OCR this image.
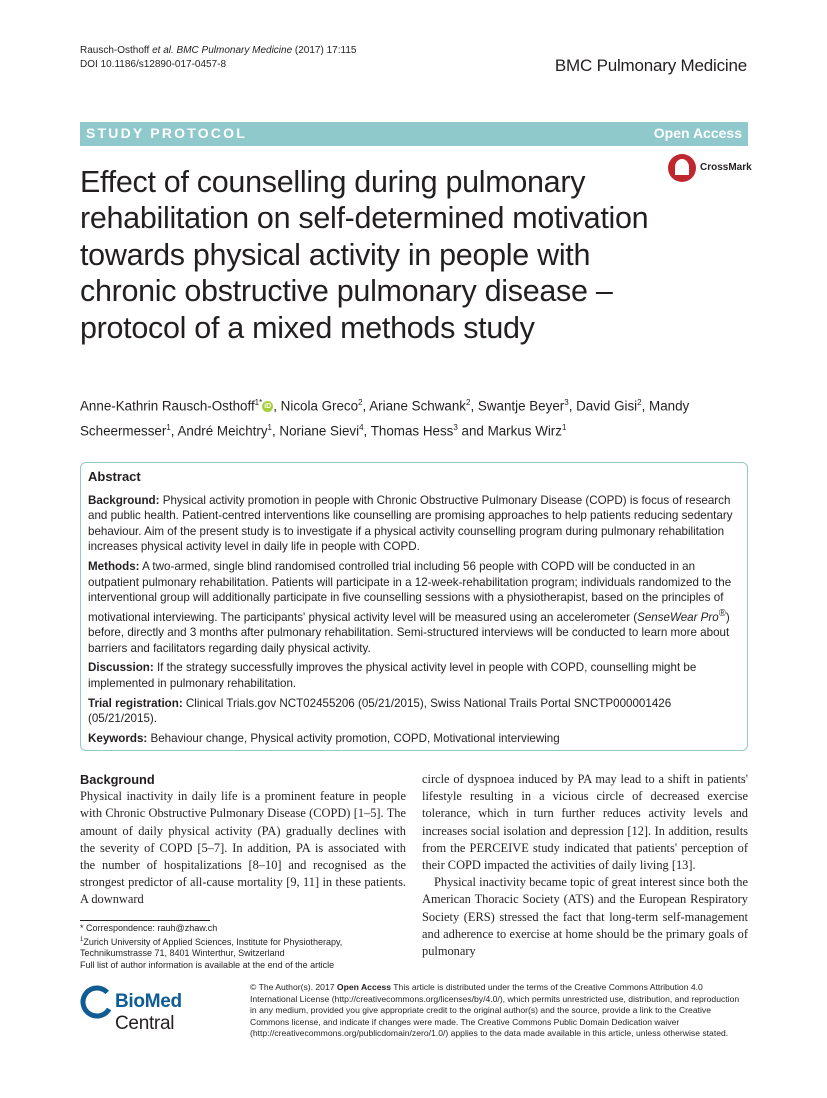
Rausch-Osthoff et al. BMC Pulmonary Medicine (2017) 17:115
DOI 10.1186/s12890-017-0457-8	BMC Pulmonary Medicine
STUDY PROTOCOL	Open Access
CrossMark
Effect of counselling during pulmonary rehabilitation on self-determined motivation towards physical activity in people with chronic obstructive pulmonary disease – protocol of a mixed methods study
Anne-Kathrin Rausch-Osthoff$^{1*}$ iD , Nicola Greco$^2$, Ariane Schwank$^2$, Swantje Beyer$^3$, David Gisi$^2$, Mandy Scheermesser$^1$, André Meichtry$^1$, Noriane Sievi$^4$, Thomas Hess$^3$ and Markus Wirz$^1$
Abstract

Background: Physical activity promotion in people with Chronic Obstructive Pulmonary Disease (COPD) is focus of research and public health. Patient-centred interventions like counselling are promising approaches to help patients reducing sedentary behaviour. Aim of the present study is to investigate if a physical activity counselling program during pulmonary rehabilitation increases physical activity level in daily life in people with COPD.

Methods: A two-armed, single blind randomised controlled trial including 56 people with COPD will be conducted in an outpatient pulmonary rehabilitation. Patients will participate in a 12-week-rehabilitation program; individuals randomized to the interventional group will additionally participate in five counselling sessions with a physiotherapist, based on the principles of motivational interviewing. The participants' physical activity level will be measured using an accelerometer (SenseWear Pro®) before, directly and 3 months after pulmonary rehabilitation. Semi-structured interviews will be conducted to learn more about barriers and facilitators regarding daily physical activity.

Discussion: If the strategy successfully improves the physical activity level in people with COPD, counselling might be implemented in pulmonary rehabilitation.

Trial registration: Clinical Trials.gov NCT02455206 (05/21/2015), Swiss National Trails Portal SNCTP000001426 (05/21/2015).

Keywords: Behaviour change, Physical activity promotion, COPD, Motivational interviewing

Background

Physical inactivity in daily life is a prominent feature in people with Chronic Obstructive Pulmonary Disease (COPD) [1–5]. The amount of daily physical activity (PA) gradually declines with the severity of COPD [5–7]. In addition, PA is associated with the number of hospitalizations [8–10] and recognised as the strongest predictor of all-cause mortality [9, 11] in these patients. A downward

circle of dyspnoea induced by PA may lead to a shift in patients' lifestyle resulting in a vicious circle of decreased exercise tolerance, which in turn further reduces activity levels and increases social isolation and depression [12]. In addition, results from the PERCEIVE study indicated that patients' perception of their COPD impacted the activities of daily living [13].

Physical inactivity became topic of great interest since both the American Thoracic Society (ATS) and the European Respiratory Society (ERS) stressed the fact that long-term self-management and adherence to exercise at home should be the primary goals of pulmonary

* Correspondence: rauh@zhaw.ch
$^1$Zurich University of Applied Sciences, Institute for Physiotherapy, Technikumstrasse 71, 8401 Winterthur, Switzerland
Full list of author information is available at the end of the article
BioMed Central
© The Author(s). 2017 Open Access This article is distributed under the terms of the Creative Commons Attribution 4.0 International License (http://creativecommons.org/licenses/by/4.0/), which permits unrestricted use, distribution, and reproduction in any medium, provided you give appropriate credit to the original author(s) and the source, provide a link to the Creative Commons license, and indicate if changes were made. The Creative Commons Public Domain Dedication waiver (http://creativecommons.org/publicdomain/zero/1.0/) applies to the data made available in this article, unless otherwise stated.
